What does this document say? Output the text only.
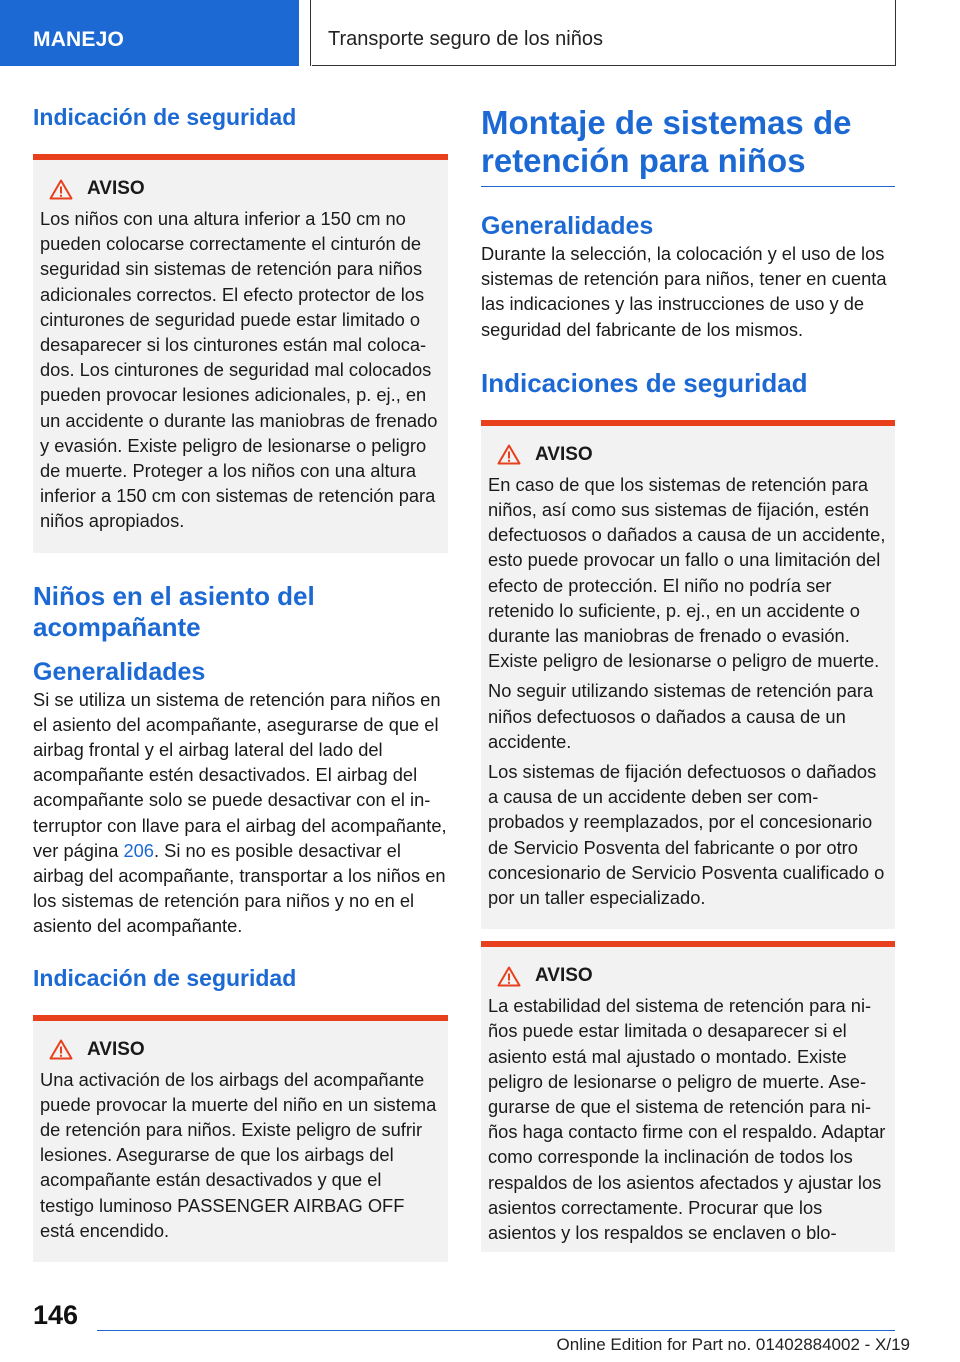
MANEJO	Transporte seguro de los niños
Indicación de seguridad
AVISO

Los niños con una altura inferior a 150 cm no pueden colocarse correctamente el cinturón de seguridad sin sistemas de retención para niños adicionales correctos. El efecto protector de los cinturones de seguridad puede estar limitado o desaparecer si los cinturones están mal colocados. Los cinturones de seguridad mal colocados pueden provocar lesiones adicionales, p. ej., en un accidente o durante las maniobras de frenado y evasión. Existe peligro de lesionarse o peligro de muerte. Proteger a los niños con una altura inferior a 150 cm con sistemas de retención para niños apropiados.

Niños en el asiento del acompañante
Generalidades

Si se utiliza un sistema de retención para niños en el asiento del acompañante, asegurarse de que el airbag frontal y el airbag lateral del lado del acompañante estén desactivados. El airbag del acompañante solo se puede desactivar con el interruptor con llave para el airbag del acompañante, ver página 206. Si no es posible desactivar el airbag del acompañante, transportar a los niños en los sistemas de retención para niños y no en el asiento del acompañante.

Indicación de seguridad
AVISO

Una activación de los airbags del acompañante puede provocar la muerte del niño en un sistema de retención para niños. Existe peligro de sufrir lesiones. Asegurarse de que los airbags del acompañante están desactivados y que el testigo luminoso PASSENGER AIRBAG OFF está encendido.

Montaje de sistemas de retención para niños
Generalidades

Durante la selección, la colocación y el uso de los sistemas de retención para niños, tener en cuenta las indicaciones y las instrucciones de uso y de seguridad del fabricante de los mismos.

Indicaciones de seguridad
AVISO

En caso de que los sistemas de retención para niños, así como sus sistemas de fijación, estén defectuosos o dañados a causa de un accidente, esto puede provocar un fallo o una limitación del efecto de protección. El niño no podría ser retenido lo suficiente, p. ej., en un accidente o durante las maniobras de frenado o evasión. Existe peligro de lesionarse o peligro de muerte.

No seguir utilizando sistemas de retención para niños defectuosos o dañados a causa de un accidente.

Los sistemas de fijación defectuosos o dañados a causa de un accidente deben ser comprobados y reemplazados, por el concesionario de Servicio Posventa del fabricante o por otro concesionario de Servicio Posventa cualificado o por un taller especializado.

AVISO

La estabilidad del sistema de retención para niños puede estar limitada o desaparecer si el asiento está mal ajustado o montado. Existe peligro de lesionarse o peligro de muerte. Asegurarse de que el sistema de retención para niños haga contacto firme con el respaldo. Adaptar como corresponde la inclinación de todos los respaldos de los asientos afectados y ajustar los asientos correctamente. Procurar que los asientos y los respaldos se enclaven o blo-

146
Online Edition for Part no. 01402884002 - X/19
